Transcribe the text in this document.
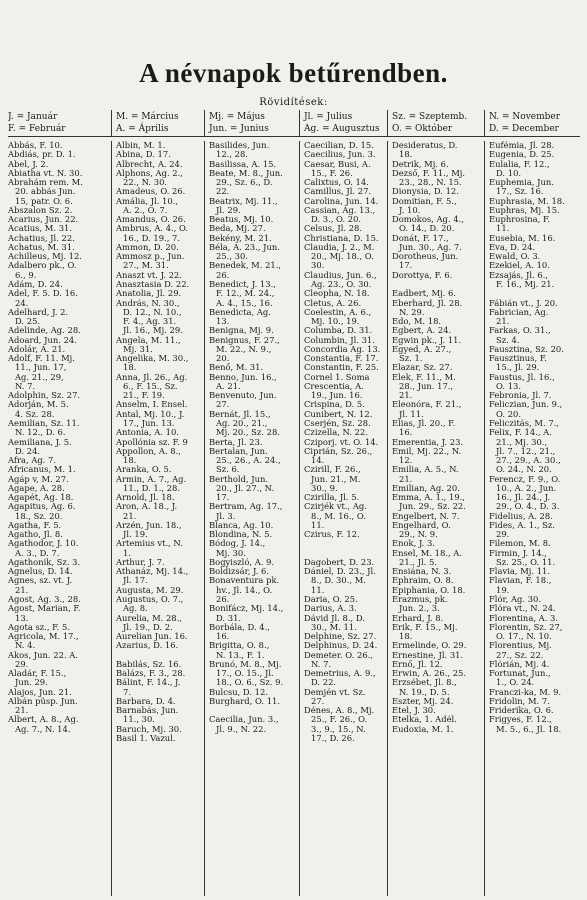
A névnapok betűrendben.
Rövidítések:
J. = Január
F. = Február
M. = Március
A. = Április
Mj. = Május
Jun. = Junius
Jl. = Julius
Ag. = Augusztus
Sz. = Szeptemb.
O. = Október
N. = November
D. = December
Abbás, F. 10.
Abdiás, pr. D. 1.
Abel, J. 2.
Abiatha vt. N. 30.
Ábrahám rem. M.
20. abbás Jun.
15, patr. O. 6.
Abszalon Sz. 2.
Acarius, Jun. 22.
Acatius, M. 31.
Achatius, Jl. 22.
Achatus, M. 31.
Achilleus, Mj. 12.
Adalbero pk., O.
6., 9.
Ádám, D. 24.
Adel, F. 5. D. 16.
24.
Adelhard, J. 2.
D. 25.
Adelinde, Ag. 28.
Adoard, Jun. 24.
Adolár, A. 21.
Adolf, F. 11. Mj.
11., Jun. 17,
Ag. 21., 29,
N. 7.
Adolphin, Sz. 27.
Adorján, M. 5.
4. Sz. 28.
Aemilian, Sz. 11.
N. 12., D. 6.
Aemiliana, J. 5.
D. 24.
Afra, Ag. 7.
Africanus, M. 1.
Agáp v, M. 27.
Agape, A. 28.
Agapét, Ag. 18.
Agapitus, Ag. 6.
18., Sz. 20.
Agatha, F. 5.
Agatho, Jl. 8.
Agathodor, J. 10.
A. 3., D. 7.
Agathonik, Sz. 3.
Agnelus, D. 14.
Agnes, sz. vt. J.
21.
Agost, Ag. 3., 28.
Agost, Marian, F.
13.
Agota sz., F. 5.
Agricola, M. 17.,
N. 4.
Ákos, Jun. 22. A.
29.
Aladár, F. 15.,
Jun. 29.
Alajos, Jun. 21.
Albán püsp. Jun.
21.
Albert, A. 8., Ag.
Ag. 7., N. 14.
Albin, M. 1.
Abina, D. 17.
Albrecht, A. 24.
Alphons, Ag. 2.,
22., N. 30.
Amadeus, O. 26.
Amália, Jl. 10.,
A. 2., O. 7.
Amandus, O. 26.
Ambrus, A. 4., O.
16., D. 19., 7.
Ammon, D. 20.
Ammosz p., Jun.
27., M. 31.
Anaszt vt. J. 22.
Anasztasia D. 22.
Anatolia, Jl. 29.
András, N. 30.,
D. 12., N. 10.,
F. 4., Ag. 31.
Jl. 16., Mj. 29.
Angela, M. 11.,
Mj. 31.
Angelika, M. 30.,
18.
Anna, Jl. 26., Ag.
6., F. 15., Sz.
21., F. 19.
Anselm, I. Ensel.
Antal, Mj. 10., J.
17., Jun. 13.
Antonia, A. 10.
Apollónia sz. F. 9
Appollon, A. 8.,
18.
Aranka, O. 5.
Ármin, A. 7., Ag.
11., D. 1., 28.
Arnold, Jl. 18.
Aron, A. 18., J.
21.
Arzén, Jun. 18.,
Jl. 19.
Artemius vt., N.
1.
Arthur, J. 7.
Athanáz, Mj. 14.,
Jl. 17.
Augusta, M. 29.
Augustus, O. 7.,
Ag. 8.
Aurelia, M. 28.,
Jl. 19., D. 2.
Aurelian Jun. 16.
Azarius, D. 16.
Babilás, Sz. 16.
Balázs, F. 3., 28.
Bálint, F. 14., J.
7.
Barbara, D. 4.
Barnabás, Jun.
11., 30.
Baruch, Mj. 30.
Basil 1. Vazul.
Basilides, Jun.
12., 28.
Basilissa, A. 15.
Beate, M. 8., Jun.
29., Sz. 6., D.
22.
Beatrix, Mj. 11.,
Jl. 29.
Beatus, Mj. 10.
Beda, Mj. 27.
Bekény, M. 21.
Béla, A. 23., Jun.
25., 30.
Benedek, M. 21.,
26.
Benedict, J. 13.,
F. 12., M. 24.,
A. 4., 15., 16.
Benedicta, Ag.
13.
Benigna, Mj. 9.
Benignus, F. 27.,
M. 22., N. 9.,
20.
Benő, M. 31.
Benno, Jun. 16.,
A. 21.
Benvenuto, Jun.
27.
Bernát, Jl. 15.,
Ag. 20., 21.,
Mj. 20., Sz. 28.
Berta, Jl. 23.
Bertalan, Jun.
25., 26., A. 24.,
Sz. 6.
Berthold, Jun.
20., Jl. 27., N.
17.
Bertram, Ag. 17.,
Jl. 3.
Blanca, Ag. 10.
Blondina, N. 5.
Bódog, J. 14.,
Mj. 30.
Bogyiszló, A. 9.
Boldizsár, J. 6.
Bonaventura pk.
hv., Jl. 14., O.
26.
Bonifácz, Mj. 14.,
D. 31.
Borbála, D. 4.,
16.
Brigitta, O. 8.,
N. 13., F. 1.
Brunó, M. 8., Mj.
17., O. 15., Jl.
18., O. 6., Sz. 9.
Bulcsu, D. 12.
Burghard, O. 11.
Caecilia, Jun. 3.,
Jl. 9., N. 22.
Caecilian, D. 15.
Caecilius, Jun. 3.
Caesar, Busi, A.
15., F. 26.
Calixtus, O. 14.
Camillus, Jl. 27.
Carolina, Jun. 14.
Cassian, Ag. 13.,
D. 3., O. 20.
Celsus, Jl. 28.
Christiana, D. 15.
Claudia, J. 2., M.
20., Mj. 18., O.
30.
Claudius, Jun. 6.,
Ag. 23., O. 30.
Cleopha, N. 18.
Cletus, A. 26.
Coelestin, A. 6.,
Mj. 10., 19.
Columba, D. 31.
Columbin, Jl. 31.
Concordia Ag. 13.
Constantia, F. 17.
Constantin, F. 25.
Cornel 1. Soma
Crescentia, A.
19., Jun. 16.
Crispina, D. 5.
Cunibert, N. 12.
Cserjén, Sz. 28.
Czizella, N. 22.
Cziporj. vt. O. 14.
Ciprián, Sz. 26.,
14.
Czirill, F. 26.,
Jun. 21., M.
30., 9.
Czirilla, Jl. 5.
Czirjék vt., Ag.
8., M. 16., O.
11.
Czirus, F. 12.
Dagobert, D. 23.
Dániel, D. 23., Jl.
8., D. 30., M.
11.
Daria, O. 25.
Darius, A. 3.
Dávid Jl. 8., D.
30., M. 11.
Delphine, Sz. 27.
Delphinus, D. 24.
Demeter. O. 26.,
N. 7.
Demetrius, A. 9.,
D. 22.
Demjén vt. Sz.
27.
Dénes, A. 8., Mj.
25., F. 26., O.
3., 9., 15., N.
17., D. 26.
Desideratus, D.
18.
Detrik, Mj. 6.
Dezső, F. 11., Mj.
23., 28., N. 15.
Dionysia, D. 12.
Domitian, F. 5.,
J. 10.
Domokos, Ag. 4.,
O. 14., D. 20.
Donát, F. 17.,
Jun. 30., Ag. 7.
Dorotheus, Jun.
17.
Dorottya, F. 6.
Eadbert, Mj. 6.
Eberhard, Jl. 28.
N. 29.
Edo, M. 18.
Egbert, A. 24.
Egwin pk., J. 11.
Egyed, A. 27.,
Sz. 1.
Elazar, Sz. 27.
Elek, F. 11., M.
28., Jun. 17.,
21.
Eleonóra, F. 21.,
Jl. 11.
Elias, Jl. 20., F.
16.
Emerentia, J. 23.
Emil, Mj. 22., N.
12.
Emilia, A. 5., N.
21.
Emilian, Ag. 20.
Emma, A. 1., 19.,
Jun. 29., Sz. 22.
Engelbert, N. 7.
Engelhard, O.
29., N. 9.
Enok, J. 3.
Ensel, M. 18., A.
21., Jl. 5.
Ensiána, N. 3.
Ephraim, O. 8.
Epiphania, O. 18.
Erazmus, pk.
Jun. 2., 3.
Erhard, J. 8.
Erik, F. 15., Mj.
18.
Ermelinde, O. 29.
Ernestine, Jl. 31.
Ernő, Jl. 12.
Erwin, A. 26., 25.
Erzsébet, Jl. 8.,
N. 19., D. 5.
Eszter, Mj. 24.
Etel, J. 30.
Etelka, 1. Adél.
Eudoxia, M. 1.
Eufémia, Jl. 28.
Eugenia, D. 25.
Eulalia, F. 12.,
D. 10.
Euphemia, Jun.
17., Sz. 16.
Euphrasia, M. 18.
Euphras, Mj. 15.
Euphrosina, F.
11.
Eusebia, M. 16.
Éva, D. 24.
Ewald, O. 3.
Ezekiel, A. 10.
Ezsajás, Jl. 6.,
F. 16., Mj. 21.
Fábián vt., J. 20.
Fabrician, Ag.
21.
Farkas, O. 31.,
Sz. 4.
Fausztina, Sz. 20.
Fausztinus, F.
15., Jl. 29.
Faustus, Jl. 16.,
O. 13.
Febronia, Jl. 7.
Feliczian, Jun. 9.,
O. 20.
Feliczitás, M. 7.,
Felix, F. 14., A.
21., Mj. 30.,
Jl. 7., 12., 21.,
27., 29., A. 30.,
O. 24., N. 20.
Ferencz, F. 9., O.
10., A. 2., Jun.
16., Jl. 24., J.
29., O. 4., D. 3.
Fidelius, A. 28.
Fides, A. 1., Sz.
29.
Filemon, M. 8.
Firmin, J. 14.,
Sz. 25., O. 11.
Flavia, Mj. 11.
Flavian, F. 18.,
19.
Flór, Ag. 30.
Flóra vt., N. 24.
Florentina, A. 3.
Florentin, Sz. 27,
O. 17., N. 10.
Florentius, Mj.
27., Sz. 22.
Flórián, Mj. 4.
Fortunat, Jun.,
1., O. 24.
Franczi-ka, M. 9.
Fridolin, M. 7.
Friderika, O. 6.
Frigyes, F. 12.,
M. 5., 6., Jl. 18.
